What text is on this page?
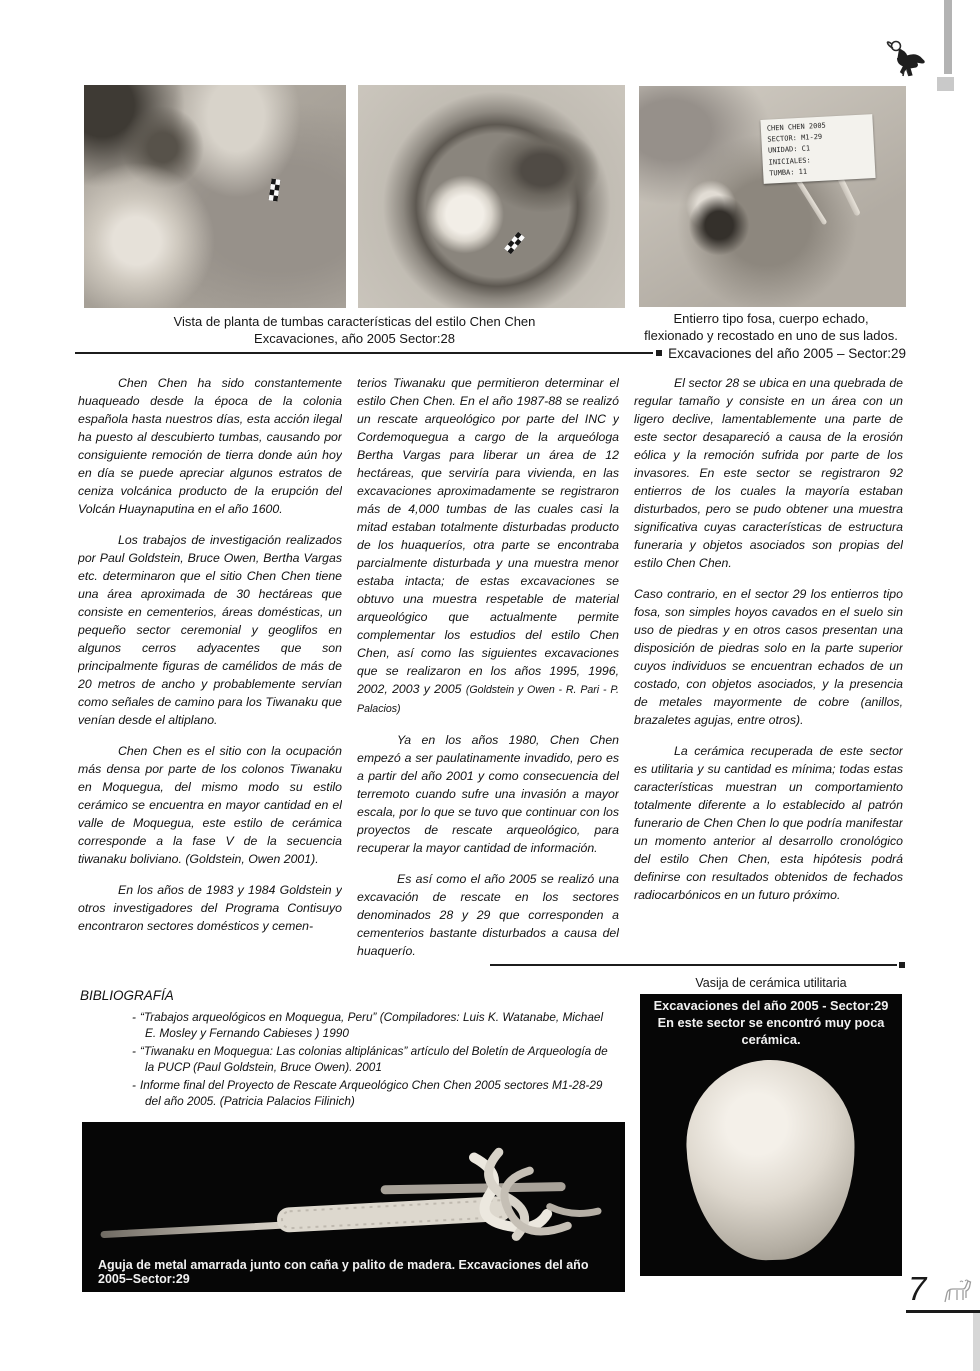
CHEN CHEN 2005
SECTOR: M1-29
UNIDAD: C1
INICIALES:
TUMBA: 11
Vista de planta de tumbas características del estilo Chen Chen
Excavaciones, año 2005 Sector:28
Entierro tipo fosa, cuerpo echado,
flexionado y recostado en uno de sus lados.
Excavaciones del año 2005 – Sector:29

Chen Chen ha sido constantemente huaqueado desde la época de la colonia española hasta nuestros días, esta acción ilegal ha puesto al descubierto tumbas, causando por consiguiente remoción de tierra donde aún hoy en día se puede apreciar algunos estratos de ceniza volcánica producto de la erupción del Volcán Huaynaputina en el año 1600.

Los trabajos de investigación realizados por Paul Goldstein, Bruce Owen, Bertha Vargas etc. determinaron que el sitio Chen Chen tiene una área aproximada de 30 hectáreas que consiste en cementerios, áreas domésticas, un pequeño sector ceremonial y geoglifos en algunos cerros adyacentes que son principalmente figuras de camélidos de más de 20 metros de ancho y probablemente servían como señales de camino para los Tiwanaku que venían desde el altiplano.

Chen Chen es el sitio con la ocupación más densa por parte de los colonos Tiwanaku en Moquegua, del mismo modo su estilo cerámico se encuentra en mayor cantidad en el valle de Moquegua, este estilo de cerámica corresponde a la fase V de la secuencia tiwanaku boliviano. (Goldstein, Owen 2001).

En los años de 1983 y 1984 Goldstein y otros investigadores del Programa Contisuyo encontraron sectores domésticos y cemen-

terios Tiwanaku que permitieron determinar el estilo Chen Chen. En el año 1987-88 se realizó un rescate arqueológico por parte del INC y Cordemoquegua a cargo de la arqueóloga Bertha Vargas para liberar un área de 12 hectáreas, que serviría para vivienda, en las excavaciones aproximadamente se registraron más de 4,000 tumbas de las cuales casi la mitad estaban totalmente disturbadas producto de los huaqueríos, otra parte se encontraba parcialmente disturbada y una muestra menor estaba intacta; de estas excavaciones se obtuvo una muestra respetable de material arqueológico que actualmente permite complementar los estudios del estilo Chen Chen, así como las siguientes excavaciones que se realizaron en los años 1995, 1996, 2002, 2003 y 2005 (Goldstein y Owen - R. Pari - P. Palacios)

Ya en los años 1980, Chen Chen empezó a ser paulatinamente invadido, pero es a partir del año 2001 y como consecuencia del terremoto cuando sufre una invasión a mayor escala, por lo que se tuvo que continuar con los proyectos de rescate arqueológico, para recuperar la mayor cantidad de información.

Es así como el año 2005 se realizó una excavación de rescate en los sectores denominados 28 y 29 que corresponden a cementerios bastante disturbados a causa del huaquerío.

El sector 28 se ubica en una quebrada de regular tamaño y consiste en un área con un ligero declive, lamentablemente una parte de este sector desapareció a causa de la erosión eólica y la remoción sufrida por parte de los invasores. En este sector se registraron 92 entierros de los cuales la mayoría estaban disturbados, pero se pudo obtener una muestra significativa cuyas características de estructura funeraria y objetos asociados son propias del estilo Chen Chen.

Caso contrario, en el sector 29 los entierros tipo fosa, son simples hoyos cavados en el suelo sin uso de piedras y en otros casos presentan una disposición de piedras solo en la parte superior cuyos individuos se encuentran echados de un costado, con objetos asociados, y la presencia de metales mayormente de cobre (anillos, brazaletes agujas, entre otros).

La cerámica recuperada de este sector es utilitaria y su cantidad es mínima; todas estas características muestran un comportamiento totalmente diferente a lo establecido al patrón funerario de Chen Chen lo que podría manifestar un momento anterior al desarrollo cronológico del estilo Chen Chen, esta hipótesis podrá definirse con resultados obtenidos de fechados radiocarbónicos en un futuro próximo.

BIBLIOGRAFÍA
- “Trabajos arqueológicos en Moquegua, Peru” (Compiladores: Luis K. Watanabe, Michael E. Mosley y Fernando Cabieses ) 1990
- “Tiwanaku en Moquegua: Las colonias altiplánicas” artículo del Boletín de Arqueología de la PUCP (Paul Goldstein, Bruce Owen). 2001
- Informe final del Proyecto de Rescate Arqueológico Chen Chen 2005 sectores M1-28-29 del año 2005. (Patricia Palacios Filinich)
Vasija de cerámica utilitaria
Excavaciones del año 2005 - Sector:29
En este sector se encontró muy poca cerámica.
Aguja de metal amarrada junto con caña y palito de madera. Excavaciones del año 2005–Sector:29	7
